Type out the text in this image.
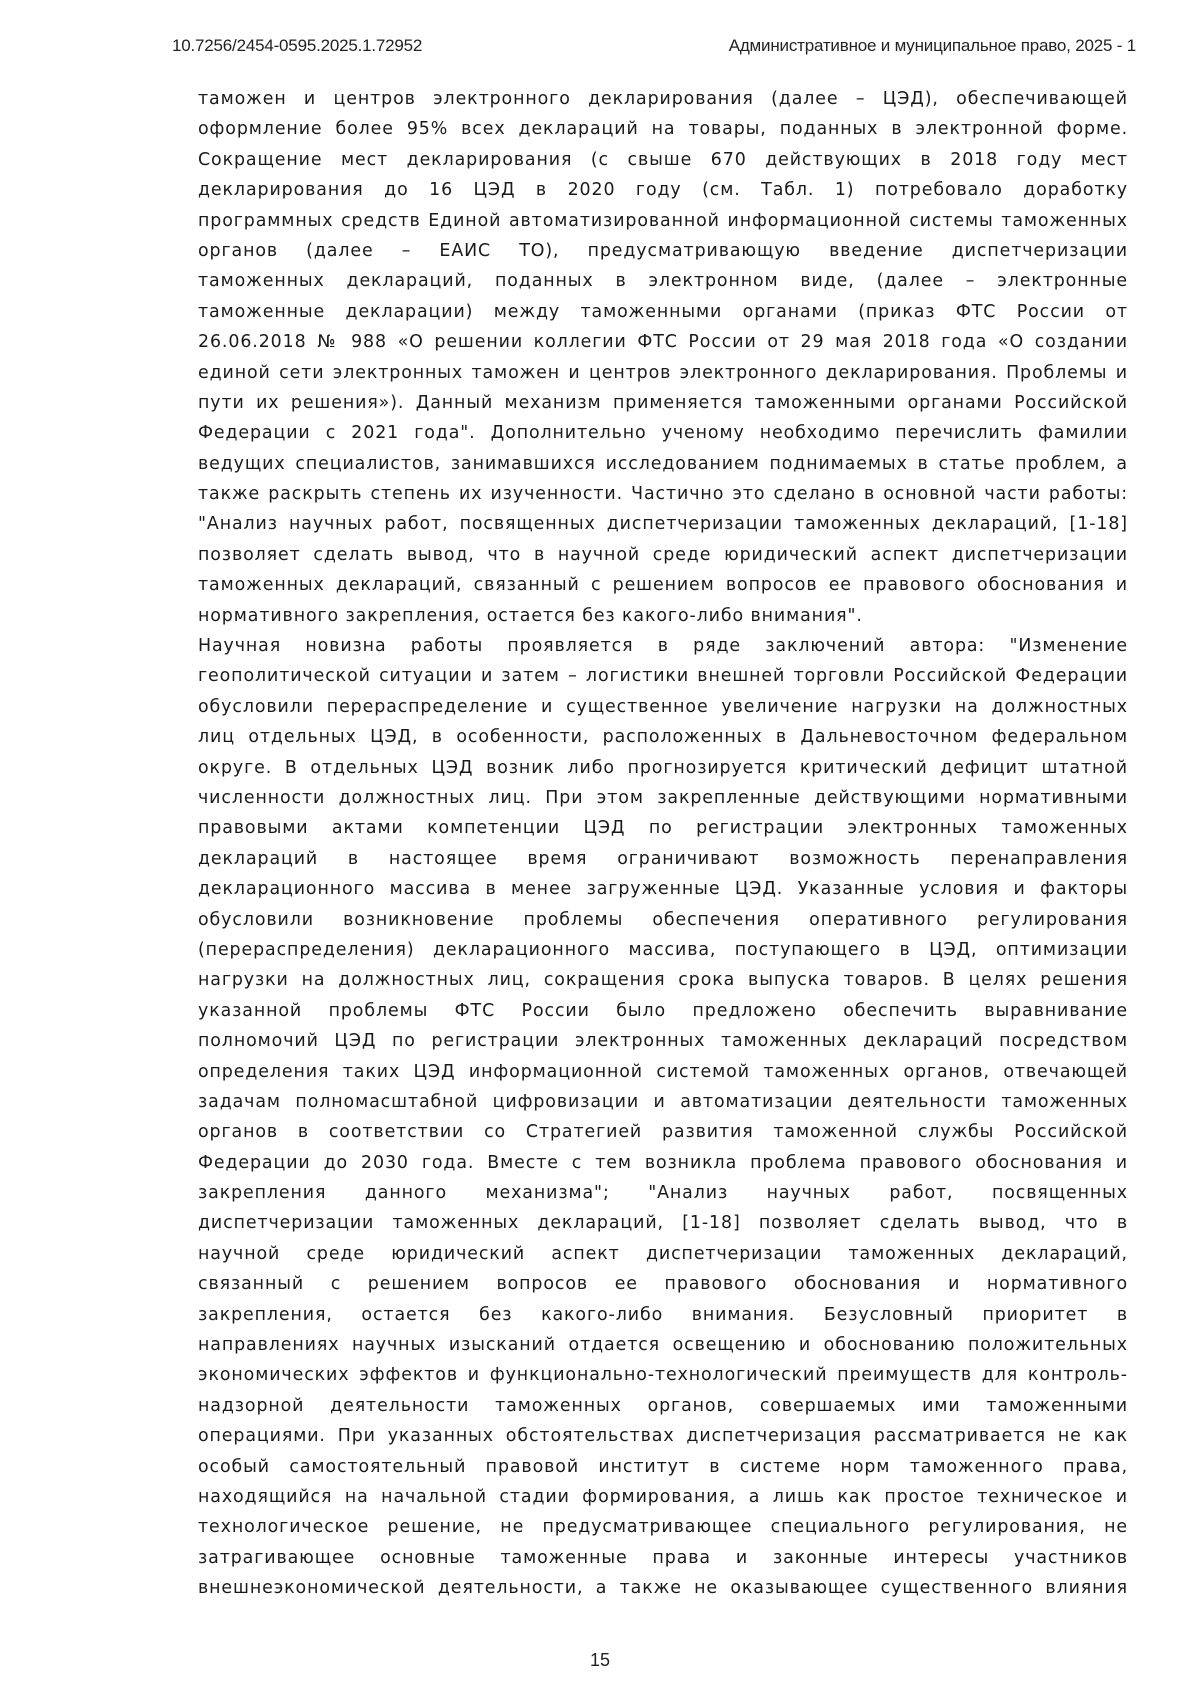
10.7256/2454-0595.2025.1.72952	Административное и муниципальное право, 2025 - 1
таможен и центров электронного декларирования (далее – ЦЭД), обеспечивающей
оформление более 95% всех деклараций на товары, поданных в электронной форме.
Сокращение мест декларирования (с свыше 670 действующих в 2018 году мест
декларирования до 16 ЦЭД в 2020 году (см. Табл. 1) потребовало доработку
программных средств Единой автоматизированной информационной системы таможенных
органов (далее – ЕАИС ТО), предусматривающую введение диспетчеризации
таможенных деклараций, поданных в электронном виде, (далее – электронные
таможенные декларации) между таможенными органами (приказ ФТС России от
26.06.2018 № 988 «О решении коллегии ФТС России от 29 мая 2018 года «О создании
единой сети электронных таможен и центров электронного декларирования. Проблемы и
пути их решения»). Данный механизм применяется таможенными органами Российской
Федерации с 2021 года". Дополнительно ученому необходимо перечислить фамилии
ведущих специалистов, занимавшихся исследованием поднимаемых в статье проблем, а
также раскрыть степень их изученности. Частично это сделано в основной части работы:
"Анализ научных работ, посвященных диспетчеризации таможенных деклараций, [1-18]
позволяет сделать вывод, что в научной среде юридический аспект диспетчеризации
таможенных деклараций, связанный с решением вопросов ее правового обоснования и
нормативного закрепления, остается без какого-либо внимания".
Научная новизна работы проявляется в ряде заключений автора: "Изменение
геополитической ситуации и затем – логистики внешней торговли Российской Федерации
обусловили перераспределение и существенное увеличение нагрузки на должностных
лиц отдельных ЦЭД, в особенности, расположенных в Дальневосточном федеральном
округе. В отдельных ЦЭД возник либо прогнозируется критический дефицит штатной
численности должностных лиц. При этом закрепленные действующими нормативными
правовыми актами компетенции ЦЭД по регистрации электронных таможенных
деклараций в настоящее время ограничивают возможность перенаправления
декларационного массива в менее загруженные ЦЭД. Указанные условия и факторы
обусловили возникновение проблемы обеспечения оперативного регулирования
(перераспределения) декларационного массива, поступающего в ЦЭД, оптимизации
нагрузки на должностных лиц, сокращения срока выпуска товаров. В целях решения
указанной проблемы ФТС России было предложено обеспечить выравнивание
полномочий ЦЭД по регистрации электронных таможенных деклараций посредством
определения таких ЦЭД информационной системой таможенных органов, отвечающей
задачам полномасштабной цифровизации и автоматизации деятельности таможенных
органов в соответствии со Стратегией развития таможенной службы Российской
Федерации до 2030 года. Вместе с тем возникла проблема правового обоснования и
закрепления данного механизма"; "Анализ научных работ, посвященных
диспетчеризации таможенных деклараций, [1-18] позволяет сделать вывод, что в
научной среде юридический аспект диспетчеризации таможенных деклараций,
связанный с решением вопросов ее правового обоснования и нормативного
закрепления, остается без какого-либо внимания. Безусловный приоритет в
направлениях научных изысканий отдается освещению и обоснованию положительных
экономических эффектов и функционально-технологический преимуществ для контроль-
надзорной деятельности таможенных органов, совершаемых ими таможенными
операциями. При указанных обстоятельствах диспетчеризация рассматривается не как
особый самостоятельный правовой институт в системе норм таможенного права,
находящийся на начальной стадии формирования, а лишь как простое техническое и
технологическое решение, не предусматривающее специального регулирования, не
затрагивающее основные таможенные права и законные интересы участников
внешнеэкономической деятельности, а также не оказывающее существенного влияния
15
